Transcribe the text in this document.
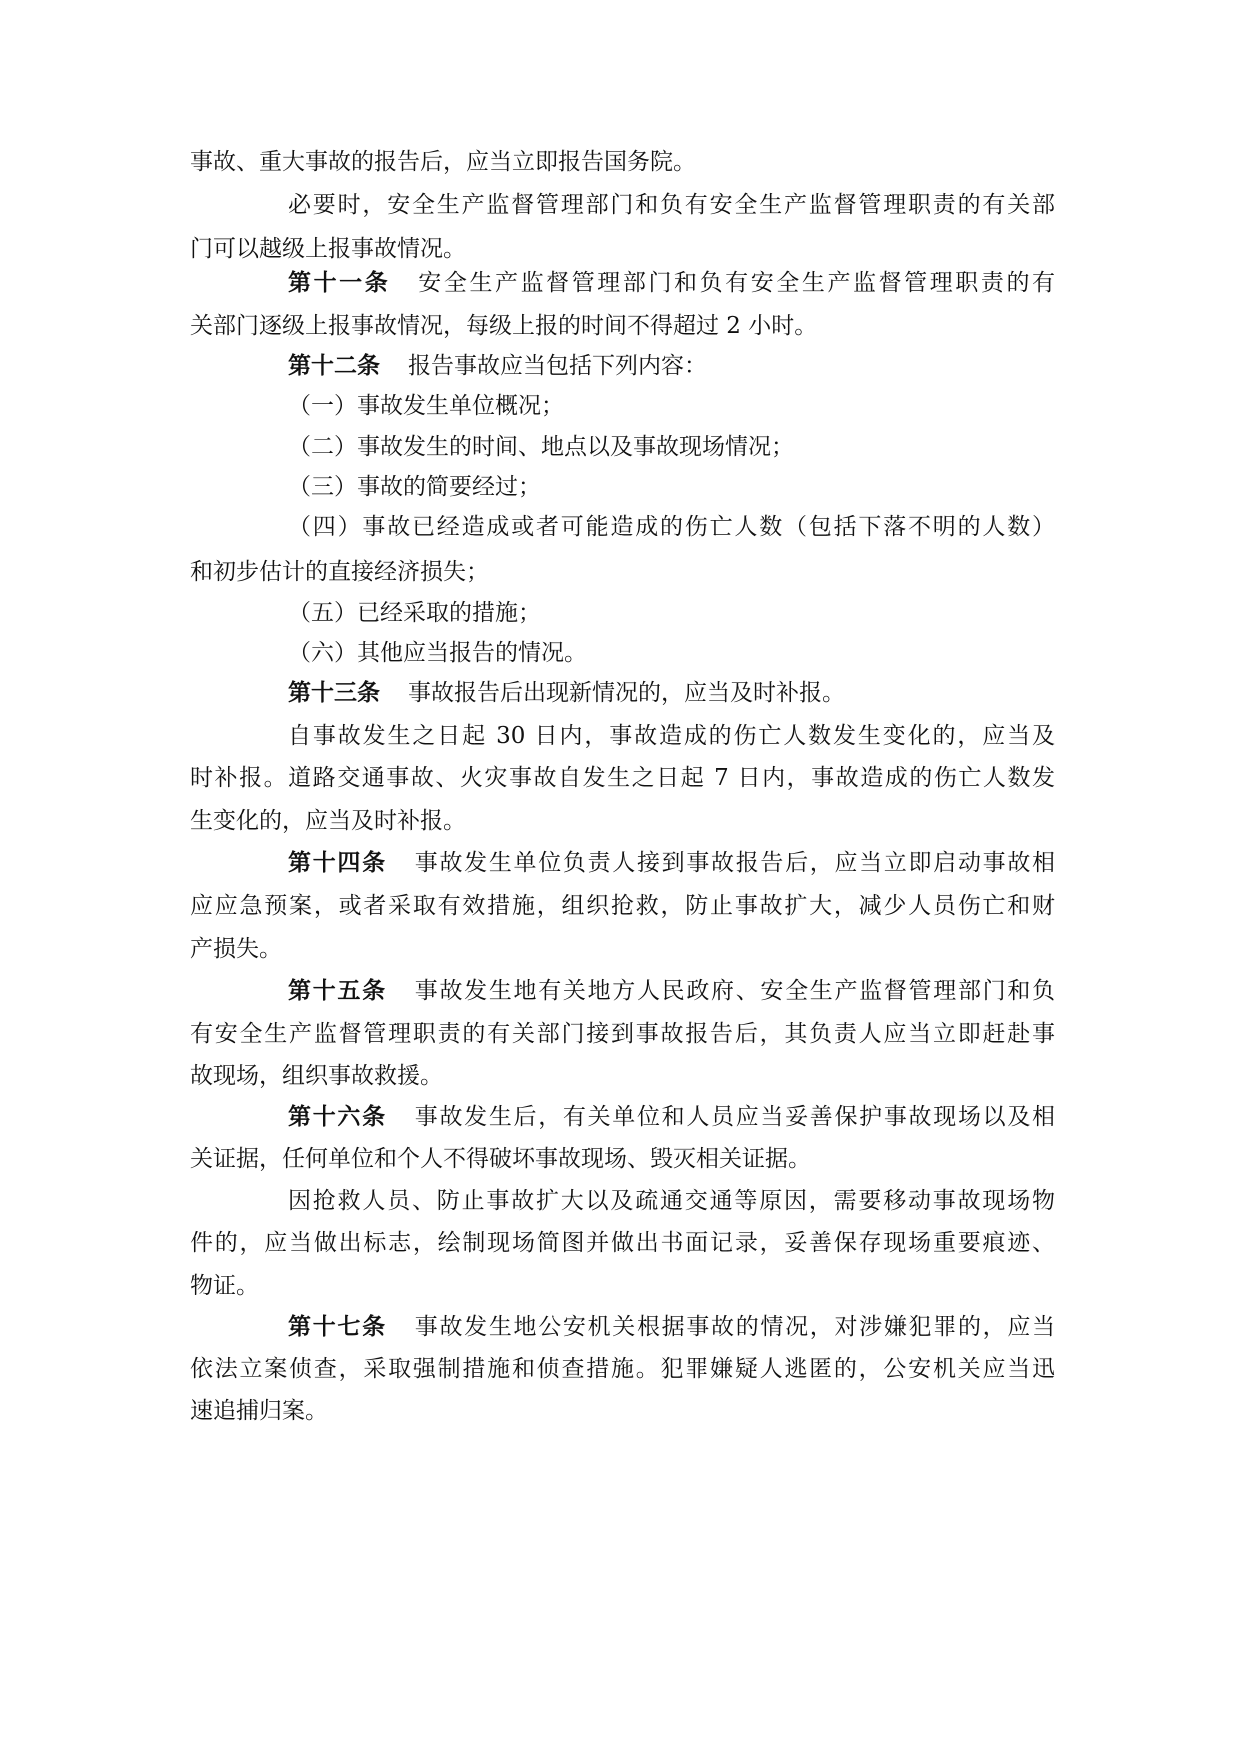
事故、重大事故的报告后，应当立即报告国务院。
必要时，安全生产监督管理部门和负有安全生产监督管理职责的有关部
门可以越级上报事故情况。
第十一条 安全生产监督管理部门和负有安全生产监督管理职责的有
关部门逐级上报事故情况，每级上报的时间不得超过 2 小时。
第十二条 报告事故应当包括下列内容：
（一）事故发生单位概况；
（二）事故发生的时间、地点以及事故现场情况；
（三）事故的简要经过；
（四）事故已经造成或者可能造成的伤亡人数（包括下落不明的人数）
和初步估计的直接经济损失；
（五）已经采取的措施；
（六）其他应当报告的情况。
第十三条 事故报告后出现新情况的，应当及时补报。
自事故发生之日起 30 日内，事故造成的伤亡人数发生变化的，应当及
时补报。道路交通事故、火灾事故自发生之日起 7 日内，事故造成的伤亡人数发
生变化的，应当及时补报。
第十四条 事故发生单位负责人接到事故报告后，应当立即启动事故相
应应急预案，或者采取有效措施，组织抢救，防止事故扩大，减少人员伤亡和财
产损失。
第十五条 事故发生地有关地方人民政府、安全生产监督管理部门和负
有安全生产监督管理职责的有关部门接到事故报告后，其负责人应当立即赶赴事
故现场，组织事故救援。
第十六条 事故发生后，有关单位和人员应当妥善保护事故现场以及相
关证据，任何单位和个人不得破坏事故现场、毁灭相关证据。
因抢救人员、防止事故扩大以及疏通交通等原因，需要移动事故现场物
件的，应当做出标志，绘制现场简图并做出书面记录，妥善保存现场重要痕迹、
物证。
第十七条 事故发生地公安机关根据事故的情况，对涉嫌犯罪的，应当
依法立案侦查，采取强制措施和侦查措施。犯罪嫌疑人逃匿的，公安机关应当迅
速追捕归案。
